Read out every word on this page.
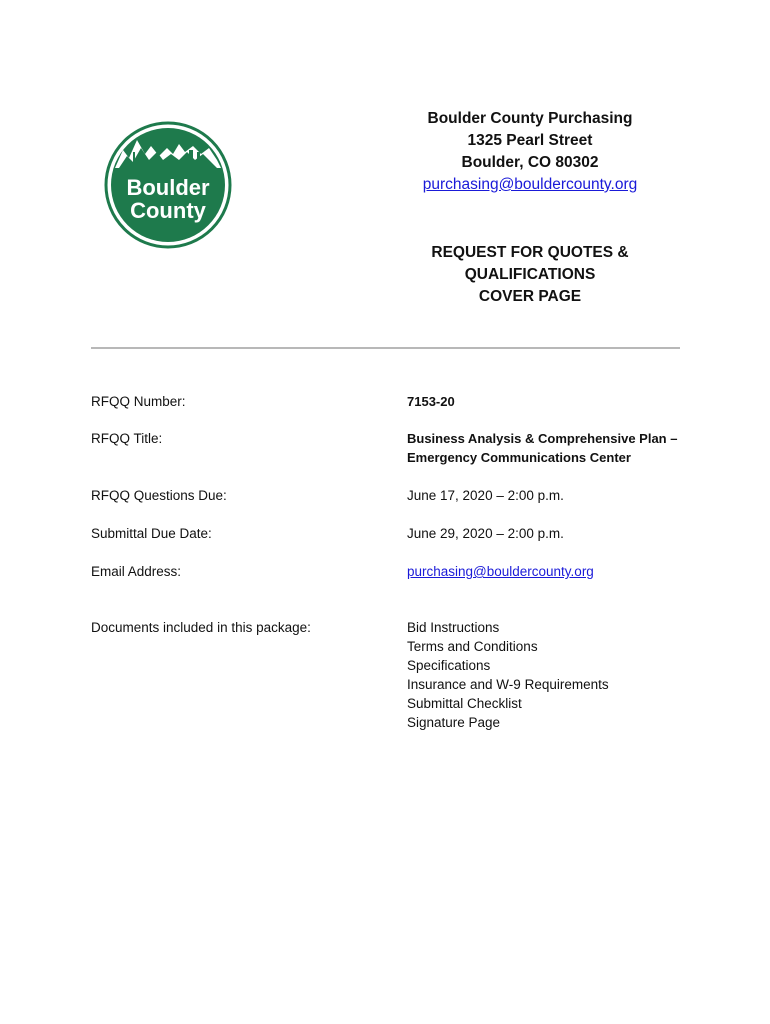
Boulder
County
Boulder County Purchasing
1325 Pearl Street
Boulder, CO 80302
purchasing@bouldercounty.org
REQUEST FOR QUOTES &
QUALIFICATIONS
COVER PAGE
RFQQ Number:	7153-20
RFQQ Title:	Business Analysis & Comprehensive Plan –
Emergency Communications Center
RFQQ Questions Due:	June 17, 2020 – 2:00 p.m.
Submittal Due Date:	June 29, 2020 – 2:00 p.m.
Email Address:	purchasing@bouldercounty.org
Documents included in this package:	Bid Instructions
Terms and Conditions
Specifications
Insurance and W-9 Requirements
Submittal Checklist
Signature Page
